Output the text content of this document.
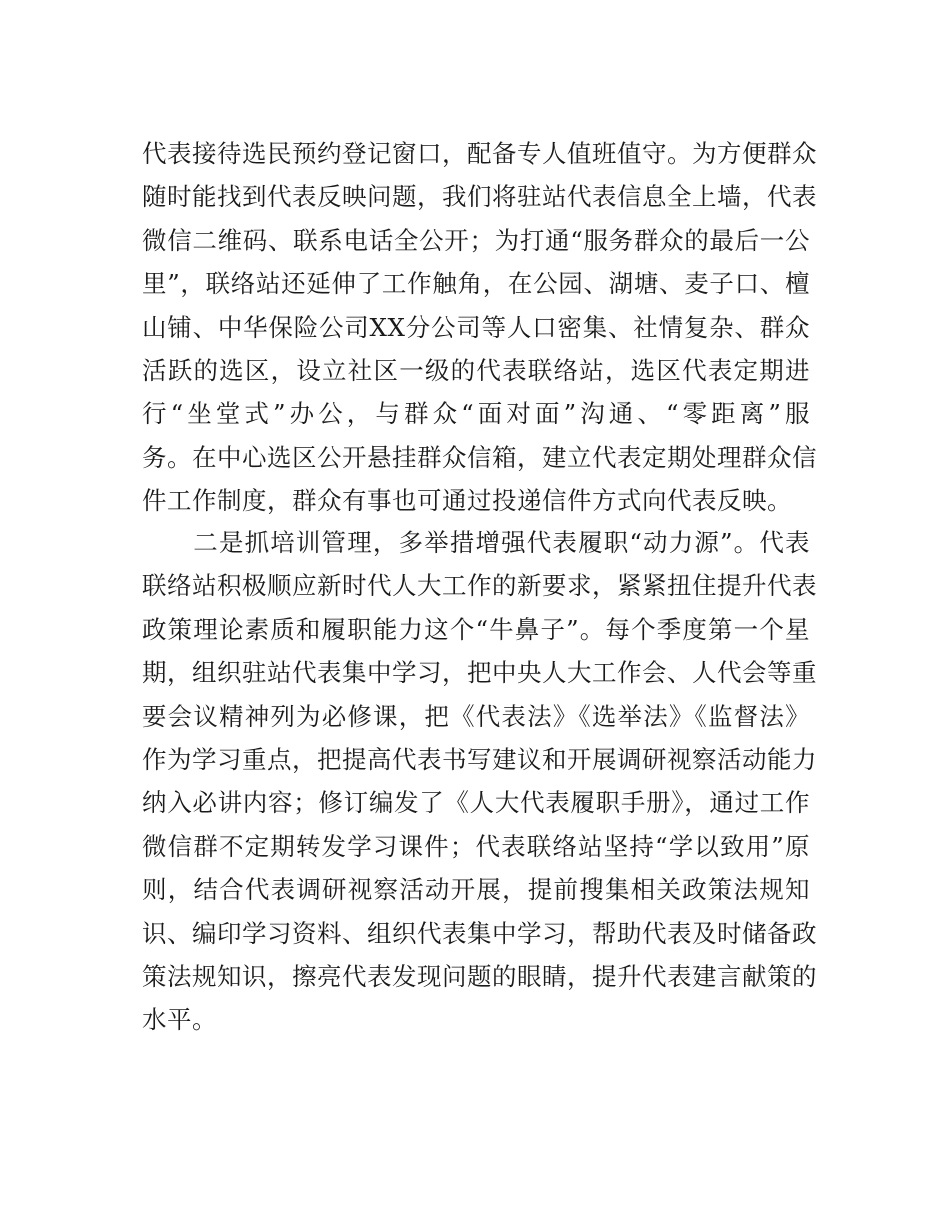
代表接待选民预约登记窗口，配备专人值班值守。为方便群众
随时能找到代表反映问题，我们将驻站代表信息全上墙，代表
微信二维码、联系电话全公开；为打通“服务群众的最后一公
里”，联络站还延伸了工作触角，在公园、湖塘、麦子口、檀
山铺、中华保险公司XX分公司等人口密集、社情复杂、群众
活跃的选区，设立社区一级的代表联络站，选区代表定期进
行“坐堂式”办公，与群众“面对面”沟通、“零距离”服
务。在中心选区公开悬挂群众信箱，建立代表定期处理群众信
件工作制度，群众有事也可通过投递信件方式向代表反映。
　　二是抓培训管理，多举措增强代表履职“动力源”。代表
联络站积极顺应新时代人大工作的新要求，紧紧扭住提升代表
政策理论素质和履职能力这个“牛鼻子”。每个季度第一个星
期，组织驻站代表集中学习，把中央人大工作会、人代会等重
要会议精神列为必修课，把《代表法》《选举法》《监督法》
作为学习重点，把提高代表书写建议和开展调研视察活动能力
纳入必讲内容；修订编发了《人大代表履职手册》，通过工作
微信群不定期转发学习课件；代表联络站坚持“学以致用”原
则，结合代表调研视察活动开展，提前搜集相关政策法规知
识、编印学习资料、组织代表集中学习，帮助代表及时储备政
策法规知识，擦亮代表发现问题的眼睛，提升代表建言献策的
水平。
